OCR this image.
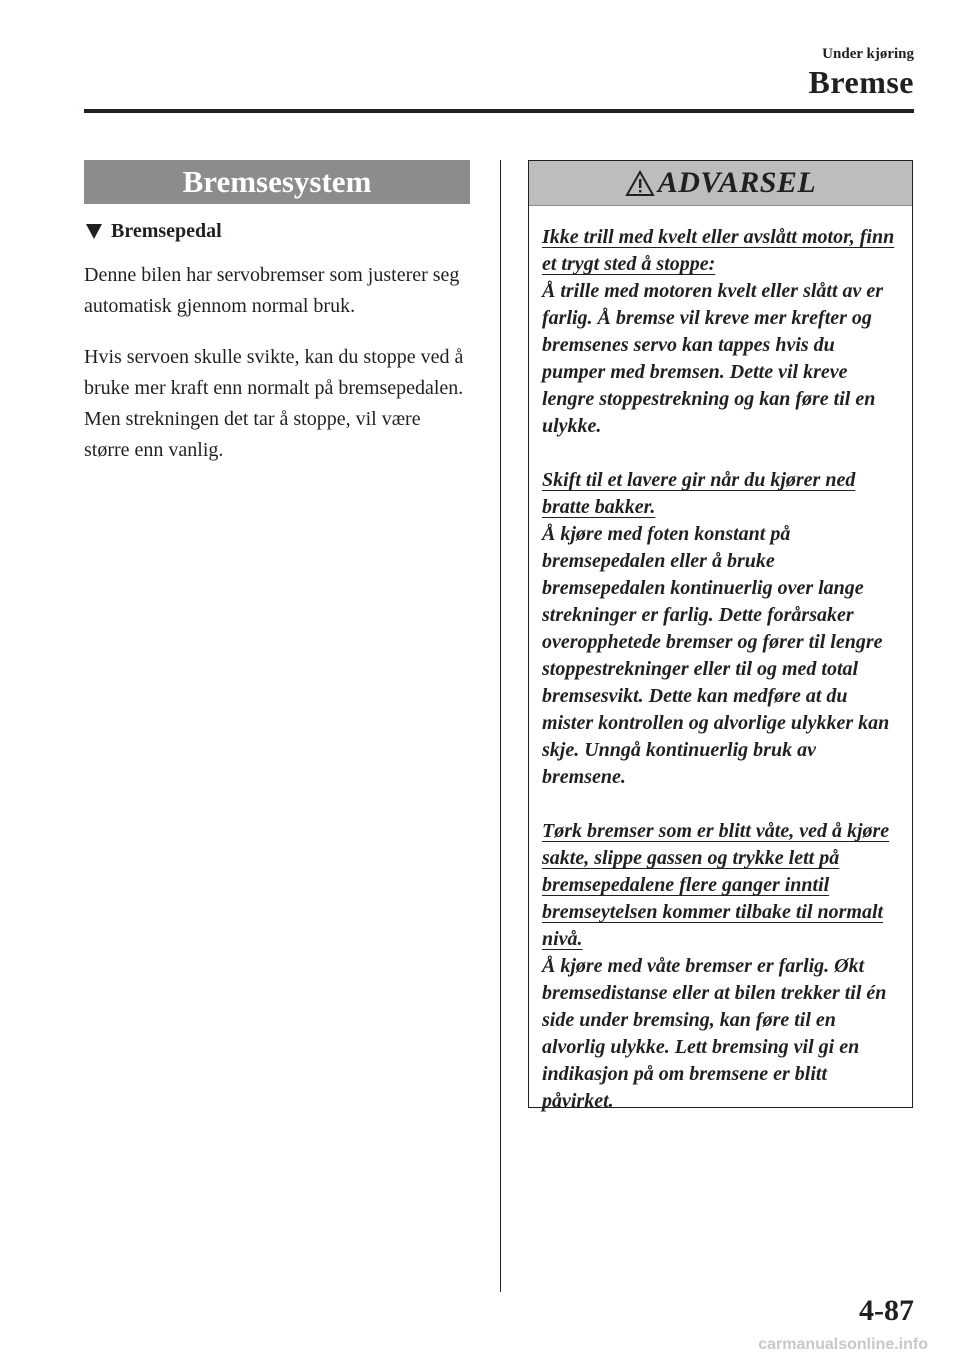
Under kjøring
Bremse
Bremsesystem
Bremsepedal

Denne bilen har servobremser som justerer seg automatisk gjennom normal bruk.

Hvis servoen skulle svikte, kan du stoppe ved å bruke mer kraft enn normalt på bremsepedalen. Men strekningen det tar å stoppe, vil være større enn vanlig.

ADVARSEL
Ikke trill med kvelt eller avslått motor, finn et trygt sted å stoppe:
Å trille med motoren kvelt eller slått av er farlig. Å bremse vil kreve mer krefter og bremsenes servo kan tappes hvis du pumper med bremsen. Dette vil kreve lengre stoppestrekning og kan føre til en ulykke.
Skift til et lavere gir når du kjører ned bratte bakker.
Å kjøre med foten konstant på bremsepedalen eller å bruke bremsepedalen kontinuerlig over lange strekninger er farlig. Dette forårsaker overopphetede bremser og fører til lengre stoppestrekninger eller til og med total bremsesvikt. Dette kan medføre at du mister kontrollen og alvorlige ulykker kan skje. Unngå kontinuerlig bruk av bremsene.
Tørk bremser som er blitt våte, ved å kjøre sakte, slippe gassen og trykke lett på bremsepedalene flere ganger inntil bremseytelsen kommer tilbake til normalt nivå.
Å kjøre med våte bremser er farlig. Økt bremsedistanse eller at bilen trekker til én side under bremsing, kan føre til en alvorlig ulykke. Lett bremsing vil gi en indikasjon på om bremsene er blitt påvirket.
4-87
carmanualsonline.info
